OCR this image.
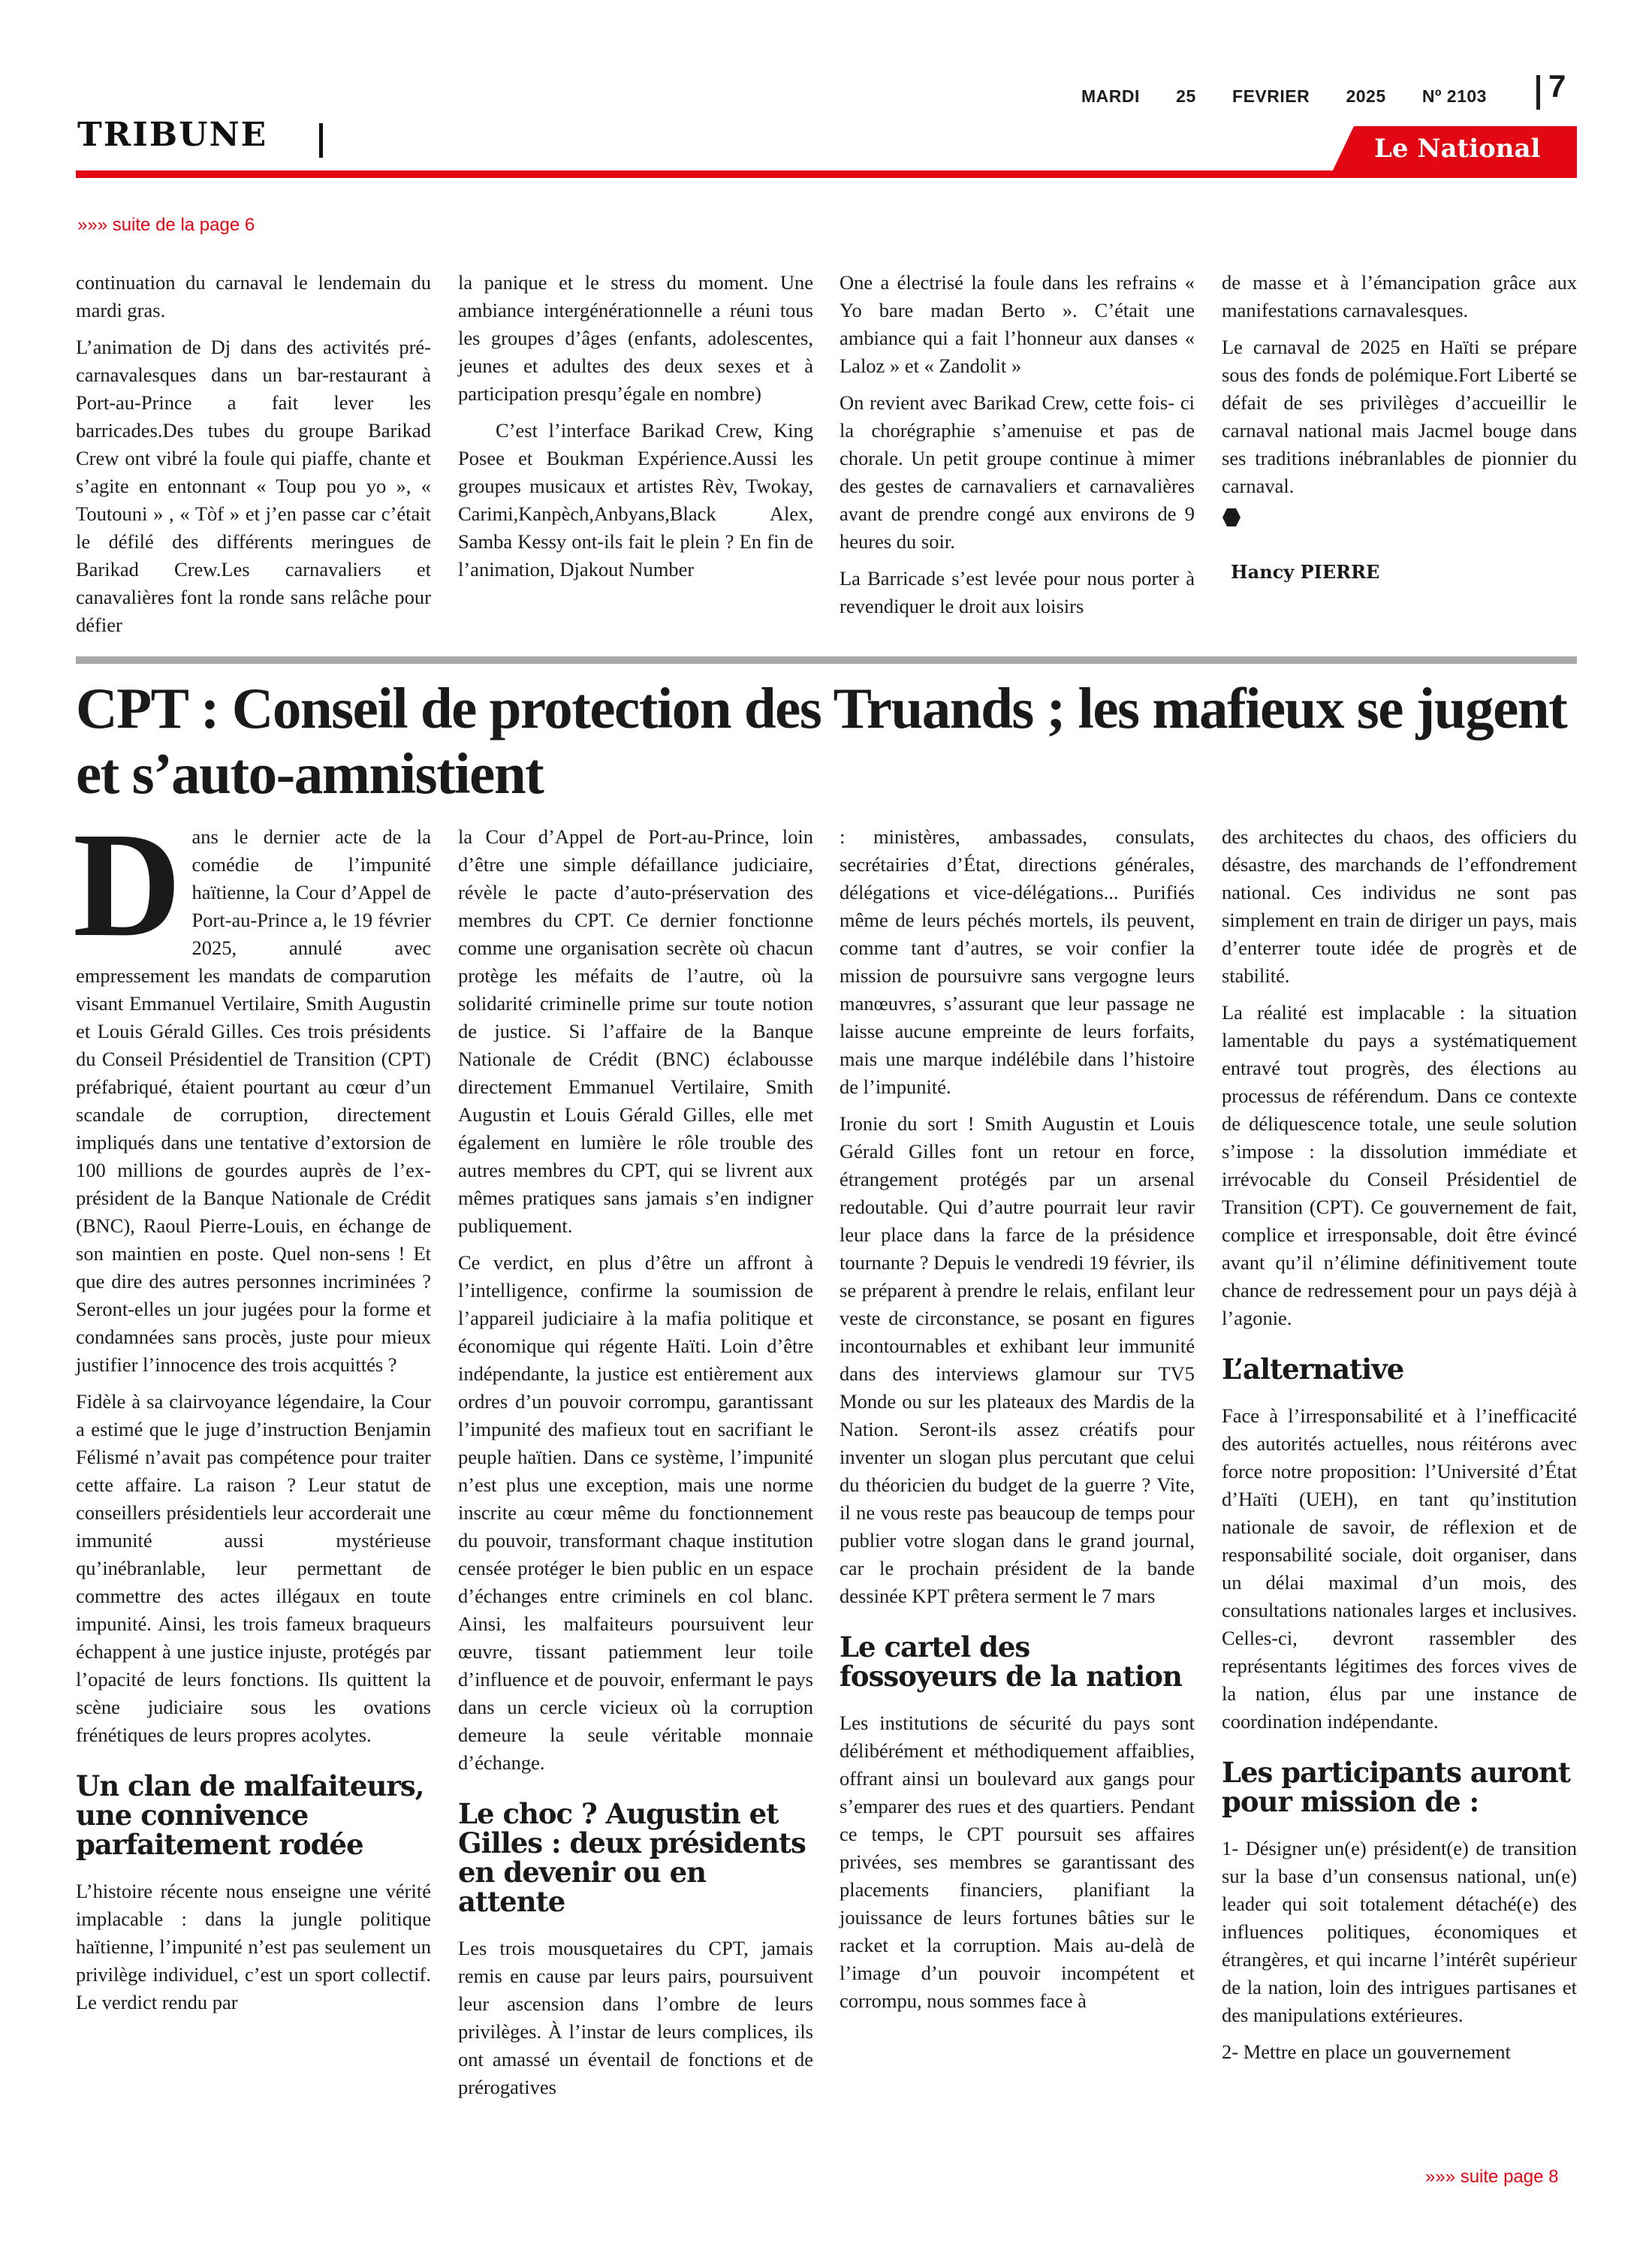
MARDI 25 FEVRIER 2025 Nº 2103 7
TRIBUNE	Le National
»»» suite de la page 6

continuation du carnaval le lendemain du mardi gras.

L’animation de Dj dans des activités pré-carnavalesques dans un bar-restaurant à Port-au-Prince a fait lever les barricades.Des tubes du groupe Barikad Crew ont vibré la foule qui piaffe, chante et s’agite en entonnant « Toup pou yo », « Toutouni » , « Tòf » et j’en passe car c’était le défilé des différents meringues de Barikad Crew.Les carnavaliers et canavalières font la ronde sans relâche pour défier

la panique et le stress du moment. Une ambiance intergénérationnelle a réuni tous les groupes d’âges (enfants, adolescentes, jeunes et adultes des deux sexes et à participation presqu’égale en nombre)

C’est l’interface Barikad Crew, King Posee et Boukman Expérience.Aussi les groupes musicaux et artistes Rèv, Twokay, Carimi,Kanpèch,Anbyans,Black Alex, Samba Kessy ont-ils fait le plein ? En fin de l’animation, Djakout Number

One a électrisé la foule dans les refrains « Yo bare madan Berto ». C’était une ambiance qui a fait l’honneur aux danses « Laloz » et « Zandolit »

On revient avec Barikad Crew, cette fois- ci la chorégraphie s’amenuise et pas de chorale. Un petit groupe continue à mimer des gestes de carnavaliers et carnavalières avant de prendre congé aux environs de 9 heures du soir.

La Barricade s’est levée pour nous porter à revendiquer le droit aux loisirs

de masse et à l’émancipation grâce aux manifestations carnavalesques.

Le carnaval de 2025 en Haïti se prépare sous des fonds de polémique.Fort Liberté se défait de ses privilèges d’accueillir le carnaval national mais Jacmel bouge dans ses traditions inébranlables de pionnier du carnaval.

Hancy PIERRE
CPT : Conseil de protection des Truands ; les mafieux se jugent et s’auto-amnistient

Dans le dernier acte de la comédie de l’impunité haïtienne, la Cour d’Appel de Port-au-Prince a, le 19 février 2025, annulé avec empressement les mandats de comparution visant Emmanuel Vertilaire, Smith Augustin et Louis Gérald Gilles. Ces trois présidents du Conseil Présidentiel de Transition (CPT) préfabriqué, étaient pourtant au cœur d’un scandale de corruption, directement impliqués dans une tentative d’extorsion de 100 millions de gourdes auprès de l’ex-président de la Banque Nationale de Crédit (BNC), Raoul Pierre-Louis, en échange de son maintien en poste. Quel non-sens ! Et que dire des autres personnes incriminées ? Seront-elles un jour jugées pour la forme et condamnées sans procès, juste pour mieux justifier l’innocence des trois acquittés ?

Fidèle à sa clairvoyance légendaire, la Cour a estimé que le juge d’instruction Benjamin Félismé n’avait pas compétence pour traiter cette affaire. La raison ? Leur statut de conseillers présidentiels leur accorderait une immunité aussi mystérieuse qu’inébranlable, leur permettant de commettre des actes illégaux en toute impunité. Ainsi, les trois fameux braqueurs échappent à une justice injuste, protégés par l’opacité de leurs fonctions. Ils quittent la scène judiciaire sous les ovations frénétiques de leurs propres acolytes.

Un clan de malfaiteurs, une connivence parfaitement rodée

L’histoire récente nous enseigne une vérité implacable : dans la jungle politique haïtienne, l’impunité n’est pas seulement un privilège individuel, c’est un sport collectif. Le verdict rendu par

la Cour d’Appel de Port-au-Prince, loin d’être une simple défaillance judiciaire, révèle le pacte d’auto-préservation des membres du CPT. Ce dernier fonctionne comme une organisation secrète où chacun protège les méfaits de l’autre, où la solidarité criminelle prime sur toute notion de justice. Si l’affaire de la Banque Nationale de Crédit (BNC) éclabousse directement Emmanuel Vertilaire, Smith Augustin et Louis Gérald Gilles, elle met également en lumière le rôle trouble des autres membres du CPT, qui se livrent aux mêmes pratiques sans jamais s’en indigner publiquement.

Ce verdict, en plus d’être un affront à l’intelligence, confirme la soumission de l’appareil judiciaire à la mafia politique et économique qui régente Haïti. Loin d’être indépendante, la justice est entièrement aux ordres d’un pouvoir corrompu, garantissant l’impunité des mafieux tout en sacrifiant le peuple haïtien. Dans ce système, l’impunité n’est plus une exception, mais une norme inscrite au cœur même du fonctionnement du pouvoir, transformant chaque institution censée protéger le bien public en un espace d’échanges entre criminels en col blanc. Ainsi, les malfaiteurs poursuivent leur œuvre, tissant patiemment leur toile d’influence et de pouvoir, enfermant le pays dans un cercle vicieux où la corruption demeure la seule véritable monnaie d’échange.

Le choc ? Augustin et Gilles : deux présidents en devenir ou en attente

Les trois mousquetaires du CPT, jamais remis en cause par leurs pairs, poursuivent leur ascension dans l’ombre de leurs privilèges. À l’instar de leurs complices, ils ont amassé un éventail de fonctions et de prérogatives

: ministères, ambassades, consulats, secrétairies d’État, directions générales, délégations et vice-délégations... Purifiés même de leurs péchés mortels, ils peuvent, comme tant d’autres, se voir confier la mission de poursuivre sans vergogne leurs manœuvres, s’assurant que leur passage ne laisse aucune empreinte de leurs forfaits, mais une marque indélébile dans l’histoire de l’impunité.

Ironie du sort ! Smith Augustin et Louis Gérald Gilles font un retour en force, étrangement protégés par un arsenal redoutable. Qui d’autre pourrait leur ravir leur place dans la farce de la présidence tournante ? Depuis le vendredi 19 février, ils se préparent à prendre le relais, enfilant leur veste de circonstance, se posant en figures incontournables et exhibant leur immunité dans des interviews glamour sur TV5 Monde ou sur les plateaux des Mardis de la Nation. Seront-ils assez créatifs pour inventer un slogan plus percutant que celui du théoricien du budget de la guerre ? Vite, il ne vous reste pas beaucoup de temps pour publier votre slogan dans le grand journal, car le prochain président de la bande dessinée KPT prêtera serment le 7 mars

Le cartel des fossoyeurs de la nation

Les institutions de sécurité du pays sont délibérément et méthodiquement affaiblies, offrant ainsi un boulevard aux gangs pour s’emparer des rues et des quartiers. Pendant ce temps, le CPT poursuit ses affaires privées, ses membres se garantissant des placements financiers, planifiant la jouissance de leurs fortunes bâties sur le racket et la corruption. Mais au-delà de l’image d’un pouvoir incompétent et corrompu, nous sommes face à

des architectes du chaos, des officiers du désastre, des marchands de l’effondrement national. Ces individus ne sont pas simplement en train de diriger un pays, mais d’enterrer toute idée de progrès et de stabilité.

La réalité est implacable : la situation lamentable du pays a systématiquement entravé tout progrès, des élections au processus de référendum. Dans ce contexte de déliquescence totale, une seule solution s’impose : la dissolution immédiate et irrévocable du Conseil Présidentiel de Transition (CPT). Ce gouvernement de fait, complice et irresponsable, doit être évincé avant qu’il n’élimine définitivement toute chance de redressement pour un pays déjà à l’agonie.

L’alternative

Face à l’irresponsabilité et à l’inefficacité des autorités actuelles, nous réitérons avec force notre proposition: l’Université d’État d’Haïti (UEH), en tant qu’institution nationale de savoir, de réflexion et de responsabilité sociale, doit organiser, dans un délai maximal d’un mois, des consultations nationales larges et inclusives. Celles-ci, devront rassembler des représentants légitimes des forces vives de la nation, élus par une instance de coordination indépendante.

Les participants auront pour mission de :

1- Désigner un(e) président(e) de transition sur la base d’un consensus national, un(e) leader qui soit totalement détaché(e) des influences politiques, économiques et étrangères, et qui incarne l’intérêt supérieur de la nation, loin des intrigues partisanes et des manipulations extérieures.

2- Mettre en place un gouvernement

»»» suite page 8
